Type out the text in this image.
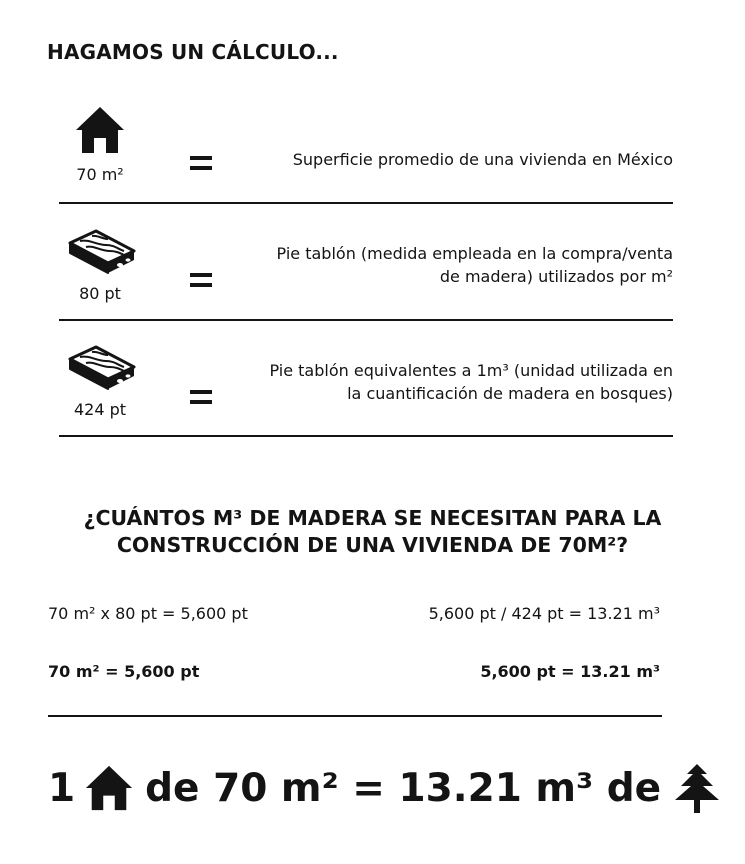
HAGAMOS UN CÁLCULO...
70 m²
Superficie promedio de una vivienda en México
80 pt
Pie tablón (medida empleada en la compra/venta
de madera) utilizados por m²
424 pt
Pie tablón equivalentes a 1m³ (unidad utilizada en
la cuantificación de madera en bosques)
¿CUÁNTOS M³ DE MADERA SE NECESITAN PARA LA
CONSTRUCCIÓN DE UNA VIVIENDA DE 70M²?
70 m² x 80 pt = 5,600 pt	5,600 pt / 424 pt = 13.21 m³
70 m² = 5,600 pt	5,600 pt = 13.21 m³
1 de 70 m² = 13.21 m³ de
